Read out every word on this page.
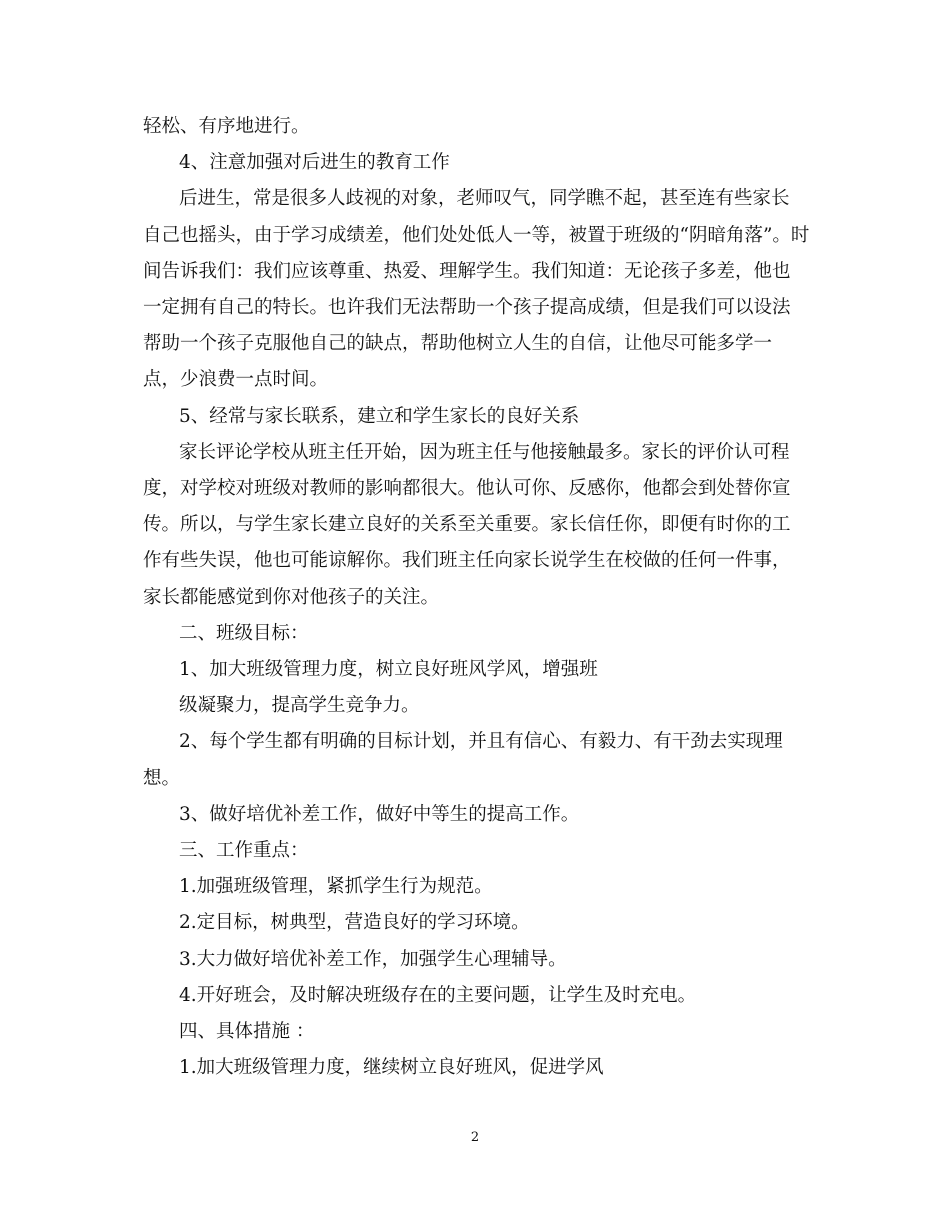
轻松、有序地进行。
4、注意加强对后进生的教育工作
后进生，常是很多人歧视的对象，老师叹气，同学瞧不起，甚至连有些家长
自己也摇头，由于学习成绩差，他们处处低人一等，被置于班级的“阴暗角落”。时
间告诉我们：我们应该尊重、热爱、理解学生。我们知道：无论孩子多差，他也
一定拥有自己的特长。也许我们无法帮助一个孩子提高成绩，但是我们可以设法
帮助一个孩子克服他自己的缺点，帮助他树立人生的自信，让他尽可能多学一
点，少浪费一点时间。
5、经常与家长联系，建立和学生家长的良好关系
家长评论学校从班主任开始，因为班主任与他接触最多。家长的评价认可程
度，对学校对班级对教师的影响都很大。他认可你、反感你，他都会到处替你宣
传。所以，与学生家长建立良好的关系至关重要。家长信任你，即便有时你的工
作有些失误，他也可能谅解你。我们班主任向家长说学生在校做的任何一件事，
家长都能感觉到你对他孩子的关注。
二、班级目标：
1、加大班级管理力度，树立良好班风学风，增强班
级凝聚力，提高学生竞争力。
2、每个学生都有明确的目标计划，并且有信心、有毅力、有干劲去实现理
想。
3、做好培优补差工作，做好中等生的提高工作。
三、工作重点：
1.加强班级管理，紧抓学生行为规范。
2.定目标，树典型，营造良好的学习环境。
3.大力做好培优补差工作，加强学生心理辅导。
4.开好班会，及时解决班级存在的主要问题，让学生及时充电。
四、具体措施 ：
1.加大班级管理力度，继续树立良好班风，促进学风
2
